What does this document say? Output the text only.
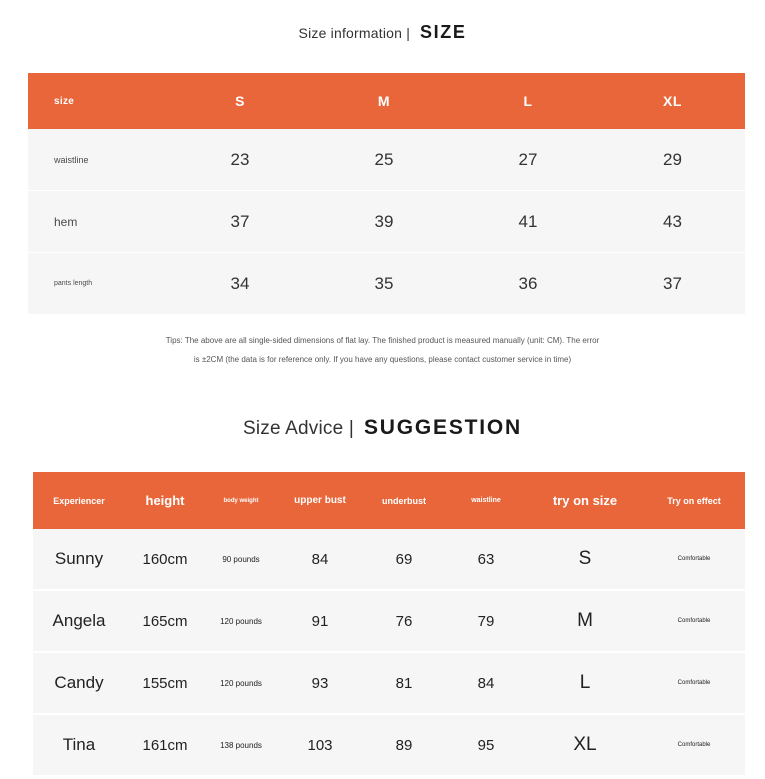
Size information | SIZE
size	S	M	L	XL
waistline	23	25	27	29

hem	37	39	41	43

pants length	34	35	36	37
Tips: The above are all single-sided dimensions of flat lay. The finished product is measured manually (unit: CM). The error
is ±2CM (the data is for reference only. If you have any questions, please contact customer service in time)
Size Advice | SUGGESTION
Experiencer	height	body weight	upper bust	underbust	waistline	try on size	Try on effect
Sunny	160cm	90 pounds	84	69	63	S	Comfortable

Angela	165cm	120 pounds	91	76	79	M	Comfortable

Candy	155cm	120 pounds	93	81	84	L	Comfortable

Tina	161cm	138 pounds	103	89	95	XL	Comfortable
